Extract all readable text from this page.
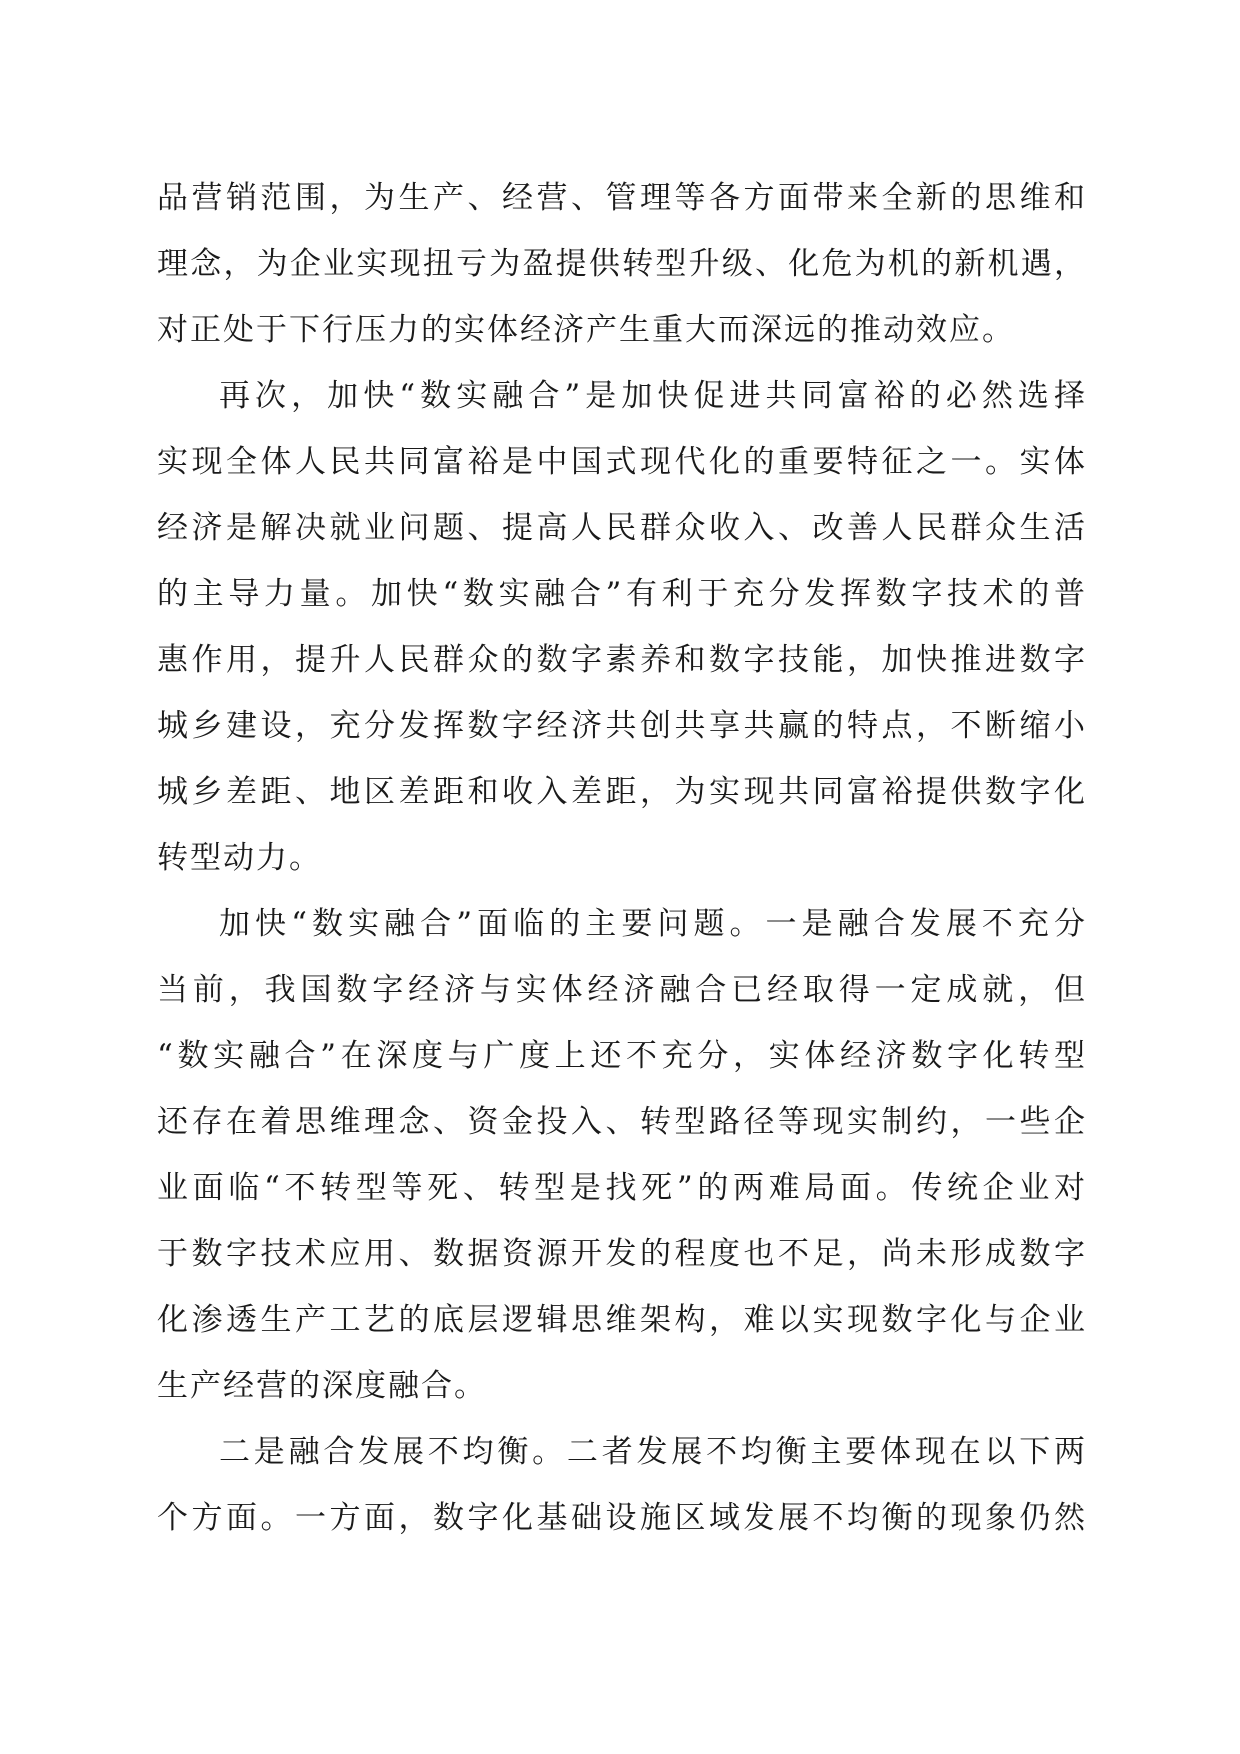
品营销范围，为生产、经营、管理等各方面带来全新的思维和
理念，为企业实现扭亏为盈提供转型升级、化危为机的新机遇，
对正处于下行压力的实体经济产生重大而深远的推动效应。
再次，加快“数实融合”是加快促进共同富裕的必然选择
实现全体人民共同富裕是中国式现代化的重要特征之一。实体
经济是解决就业问题、提高人民群众收入、改善人民群众生活
的主导力量。加快“数实融合”有利于充分发挥数字技术的普
惠作用，提升人民群众的数字素养和数字技能，加快推进数字
城乡建设，充分发挥数字经济共创共享共赢的特点，不断缩小
城乡差距、地区差距和收入差距，为实现共同富裕提供数字化
转型动力。
加快“数实融合”面临的主要问题。一是融合发展不充分
当前，我国数字经济与实体经济融合已经取得一定成就，但
“数实融合”在深度与广度上还不充分，实体经济数字化转型
还存在着思维理念、资金投入、转型路径等现实制约，一些企
业面临“不转型等死、转型是找死”的两难局面。传统企业对
于数字技术应用、数据资源开发的程度也不足，尚未形成数字
化渗透生产工艺的底层逻辑思维架构，难以实现数字化与企业
生产经营的深度融合。
二是融合发展不均衡。二者发展不均衡主要体现在以下两
个方面。一方面，数字化基础设施区域发展不均衡的现象仍然
